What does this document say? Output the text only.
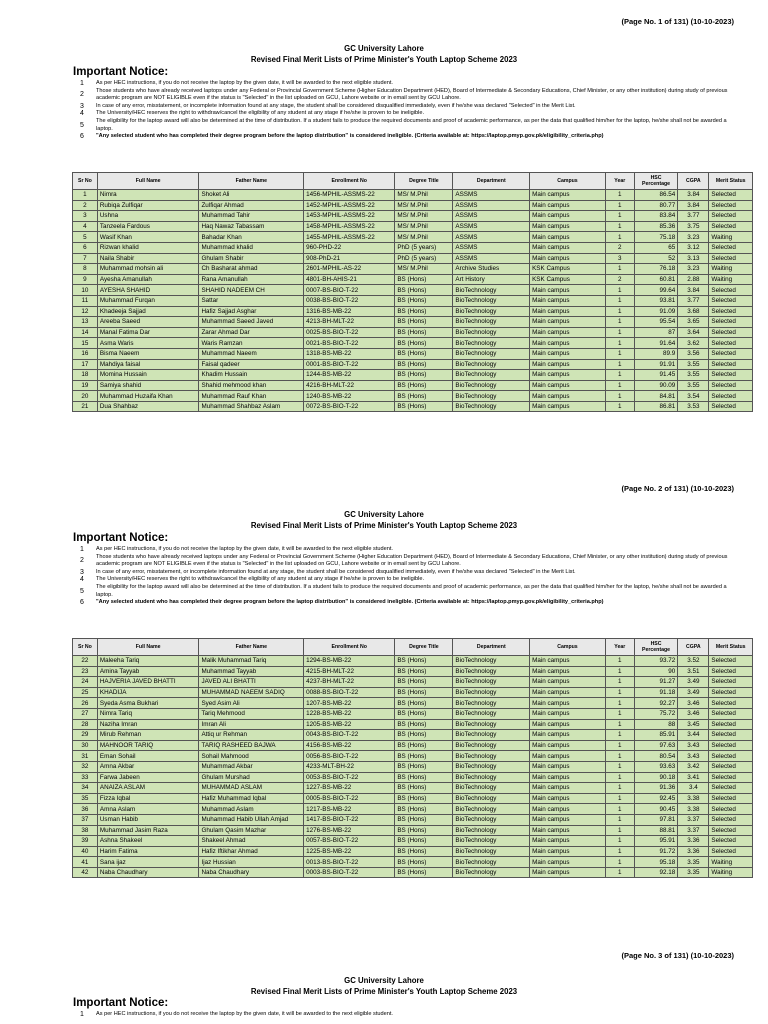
(Page No. 1 of 131) (10-10-2023)
GC University Lahore
Revised Final Merit Lists of Prime Minister's Youth Laptop Scheme 2023
Important Notice:
1 As per HEC instructions, if you do not receive the laptop by the given date, it will be awarded to the next eligible student.
2
Those students who have already received laptops under any Federal or Provincial Government Scheme (Higher Education Department (HED), Board of Intermediate & Secondary Educations, Chief Minister, or any other institution) during study of previous academic program are NOT ELIGIBLE even if the status is "Selected" in the list uploaded on GCU, Lahore website or in email sent by GCU Lahore.
3 In case of any error, misstatement, or incomplete information found at any stage, the student shall be considered disqualified immediately, even if he/she was declared "Selected" in the Merit List.
4 The University/HEC reserves the right to withdraw/cancel the eligibility of any student at any stage if he/she is proven to be ineligible.
5
The eligibility for the laptop award will also be determined at the time of distribution. If a student fails to produce the required documents and proof of academic performance, as per the data that qualified him/her for the laptop, he/she shall not be awarded a laptop.
6 "Any selected student who has completed their degree program before the laptop distribution" is considered ineligible. (Criteria available at: https://laptop.pmyp.gov.pk/eligibility_criteria.php)
Sr No	Full Name	Father Name	Enrollment No	Degree Title	Department	Campus	Year	HSC Percentage	CGPA	Merit Status
1	Nimra	Shoket Ali	1456-MPHIL-ASSMS-22	MS/ M.Phil	ASSMS	Main campus	1	86.54	3.84	Selected
2	Rubiqa Zulfiqar	Zulfiqar Ahmad	1452-MPHIL-ASSMS-22	MS/ M.Phil	ASSMS	Main campus	1	80.77	3.84	Selected
3	Ushna	Muhammad Tahir	1453-MPHIL-ASSMS-22	MS/ M.Phil	ASSMS	Main campus	1	83.84	3.77	Selected
4	Tanzeela Fardous	Haq Nawaz Tabassam	1458-MPHIL-ASSMS-22	MS/ M.Phil	ASSMS	Main campus	1	85.36	3.75	Selected
5	Wasif Khan	Bahadar Khan	1455-MPHIL-ASSMS-22	MS/ M.Phil	ASSMS	Main campus	1	75.18	3.23	Waiting
6	Rizwan khalid	Muhammad khalid	960-PHD-22	PhD (5 years)	ASSMS	Main campus	2	65	3.12	Selected
7	Naila Shabir	Ghulam Shabir	908-PhD-21	PhD (5 years)	ASSMS	Main campus	3	52	3.13	Selected
8	Muhammad mohsin ali	Ch Basharat ahmad	2601-MPHIL-AS-22	MS/ M.Phil	Archive Studies	KSK Campus	1	76.18	3.23	Waiting
9	Ayesha Amanullah	Rana Amanullah	4801-BH-AHIS-21	BS (Hons)	Art History	KSK Campus	2	60.81	2.88	Waiting
10	AYESHA SHAHID	SHAHID NADEEM CH	0007-BS-BIO-T-22	BS (Hons)	BioTechnology	Main campus	1	99.64	3.84	Selected
11	Muhammad Furqan	Sattar	0038-BS-BIO-T-22	BS (Hons)	BioTechnology	Main campus	1	93.81	3.77	Selected
12	Khadeeja Sajjad	Hafiz Sajjad Asghar	1316-BS-MB-22	BS (Hons)	BioTechnology	Main campus	1	91.09	3.68	Selected
13	Areeba Saeed	Muhammad Saeed Javed	4213-BH-MLT-22	BS (Hons)	BioTechnology	Main campus	1	95.54	3.65	Selected
14	Manal Fatima Dar	Zarar Ahmad Dar	0025-BS-BIO-T-22	BS (Hons)	BioTechnology	Main campus	1	87	3.64	Selected
15	Asma Waris	Waris Ramzan	0021-BS-BIO-T-22	BS (Hons)	BioTechnology	Main campus	1	91.64	3.62	Selected
16	Bisma Naeem	Muhammad Naeem	1318-BS-MB-22	BS (Hons)	BioTechnology	Main campus	1	89.9	3.56	Selected
17	Mahdiya faisal	Faisal qadeer	0001-BS-BIO-T-22	BS (Hons)	BioTechnology	Main campus	1	91.91	3.55	Selected
18	Momina Hussain	Khadim Hussain	1244-BS-MB-22	BS (Hons)	BioTechnology	Main campus	1	91.45	3.55	Selected
19	Samiya shahid	Shahid mehmood khan	4216-BH-MLT-22	BS (Hons)	BioTechnology	Main campus	1	90.09	3.55	Selected
20	Muhammad Huzaifa Khan	Muhammad Rauf Khan	1240-BS-MB-22	BS (Hons)	BioTechnology	Main campus	1	84.81	3.54	Selected
21	Dua Shahbaz	Muhammad Shahbaz Aslam	0072-BS-BIO-T-22	BS (Hons)	BioTechnology	Main campus	1	86.81	3.53	Selected
(Page No. 2 of 131) (10-10-2023)
GC University Lahore
Revised Final Merit Lists of Prime Minister's Youth Laptop Scheme 2023
Important Notice:
1 As per HEC instructions, if you do not receive the laptop by the given date, it will be awarded to the next eligible student.
2
Those students who have already received laptops under any Federal or Provincial Government Scheme (Higher Education Department (HED), Board of Intermediate & Secondary Educations, Chief Minister, or any other institution) during study of previous academic program are NOT ELIGIBLE even if the status is "Selected" in the list uploaded on GCU, Lahore website or in email sent by GCU Lahore.
3 In case of any error, misstatement, or incomplete information found at any stage, the student shall be considered disqualified immediately, even if he/she was declared "Selected" in the Merit List.
4 The University/HEC reserves the right to withdraw/cancel the eligibility of any student at any stage if he/she is proven to be ineligible.
5
The eligibility for the laptop award will also be determined at the time of distribution. If a student fails to produce the required documents and proof of academic performance, as per the data that qualified him/her for the laptop, he/she shall not be awarded a laptop.
6 "Any selected student who has completed their degree program before the laptop distribution" is considered ineligible. (Criteria available at: https://laptop.pmyp.gov.pk/eligibility_criteria.php)
Sr No	Full Name	Father Name	Enrollment No	Degree Title	Department	Campus	Year	HSC Percentage	CGPA	Merit Status
22	Maleeha Tariq	Malik Muhammad Tariq	1294-BS-MB-22	BS (Hons)	BioTechnology	Main campus	1	93.72	3.52	Selected
23	Amina Tayyab	Muhammad Tayyab	4215-BH-MLT-22	BS (Hons)	BioTechnology	Main campus	1	90	3.51	Selected
24	HAJVERIA JAVED BHATTI	JAVED ALI BHATTI	4237-BH-MLT-22	BS (Hons)	BioTechnology	Main campus	1	91.27	3.49	Selected
25	KHADIJA	MUHAMMAD NAEEM SADIQ	0088-BS-BIO-T-22	BS (Hons)	BioTechnology	Main campus	1	91.18	3.49	Selected
26	Syeda Asma Bukhari	Syed Asim Ali	1207-BS-MB-22	BS (Hons)	BioTechnology	Main campus	1	92.27	3.46	Selected
27	Nimra Tariq	Tariq Mehmood	1228-BS-MB-22	BS (Hons)	BioTechnology	Main campus	1	75.72	3.46	Selected
28	Naziha Imran	Imran Ali	1205-BS-MB-22	BS (Hons)	BioTechnology	Main campus	1	88	3.45	Selected
29	Mirub Rehman	Attiq ur Rehman	0043-BS-BIO-T-22	BS (Hons)	BioTechnology	Main campus	1	85.91	3.44	Selected
30	MAHNOOR TARIQ	TARIQ RASHEED BAJWA	4156-BS-MB-22	BS (Hons)	BioTechnology	Main campus	1	97.63	3.43	Selected
31	Eman Sohail	Sohail Mahmood	0056-BS-BIO-T-22	BS (Hons)	BioTechnology	Main campus	1	80.54	3.43	Selected
32	Amna Akbar	Muhammad Akbar	4233-MLT-BH-22	BS (Hons)	BioTechnology	Main campus	1	93.63	3.42	Selected
33	Farwa Jabeen	Ghulam Murshad	0053-BS-BIO-T-22	BS (Hons)	BioTechnology	Main campus	1	90.18	3.41	Selected
34	ANAIZA ASLAM	MUHAMMAD ASLAM	1227-BS-MB-22	BS (Hons)	BioTechnology	Main campus	1	91.36	3.4	Selected
35	Fizza Iqbal	Hafiz Muhammad Iqbal	0005-BS-BIO-T-22	BS (Hons)	BioTechnology	Main campus	1	92.45	3.38	Selected
36	Amna Aslam	Muhammad Aslam	1217-BS-MB-22	BS (Hons)	BioTechnology	Main campus	1	90.45	3.38	Selected
37	Usman Habib	Muhammad Habib Ullah Amjad	1417-BS-BIO-T-22	BS (Hons)	BioTechnology	Main campus	1	97.81	3.37	Selected
38	Muhammad Jasim Raza	Ghulam Qasim Mazhar	1276-BS-MB-22	BS (Hons)	BioTechnology	Main campus	1	88.81	3.37	Selected
39	Ashna Shakeel	Shakeel Ahmad	0057-BS-BIO-T-22	BS (Hons)	BioTechnology	Main campus	1	95.91	3.36	Selected
40	Harim Fatima	Hafiz Iftikhar Ahmad	1225-BS-MB-22	BS (Hons)	BioTechnology	Main campus	1	91.72	3.36	Selected
41	Sana ijaz	Ijaz Hussian	0013-BS-BIO-T-22	BS (Hons)	BioTechnology	Main campus	1	95.18	3.35	Waiting
42	Naba Chaudhary	Naba Chaudhary	0003-BS-BIO-T-22	BS (Hons)	BioTechnology	Main campus	1	92.18	3.35	Waiting
(Page No. 3 of 131) (10-10-2023)
GC University Lahore
Revised Final Merit Lists of Prime Minister's Youth Laptop Scheme 2023
Important Notice:
1 As per HEC instructions, if you do not receive the laptop by the given date, it will be awarded to the next eligible student.
